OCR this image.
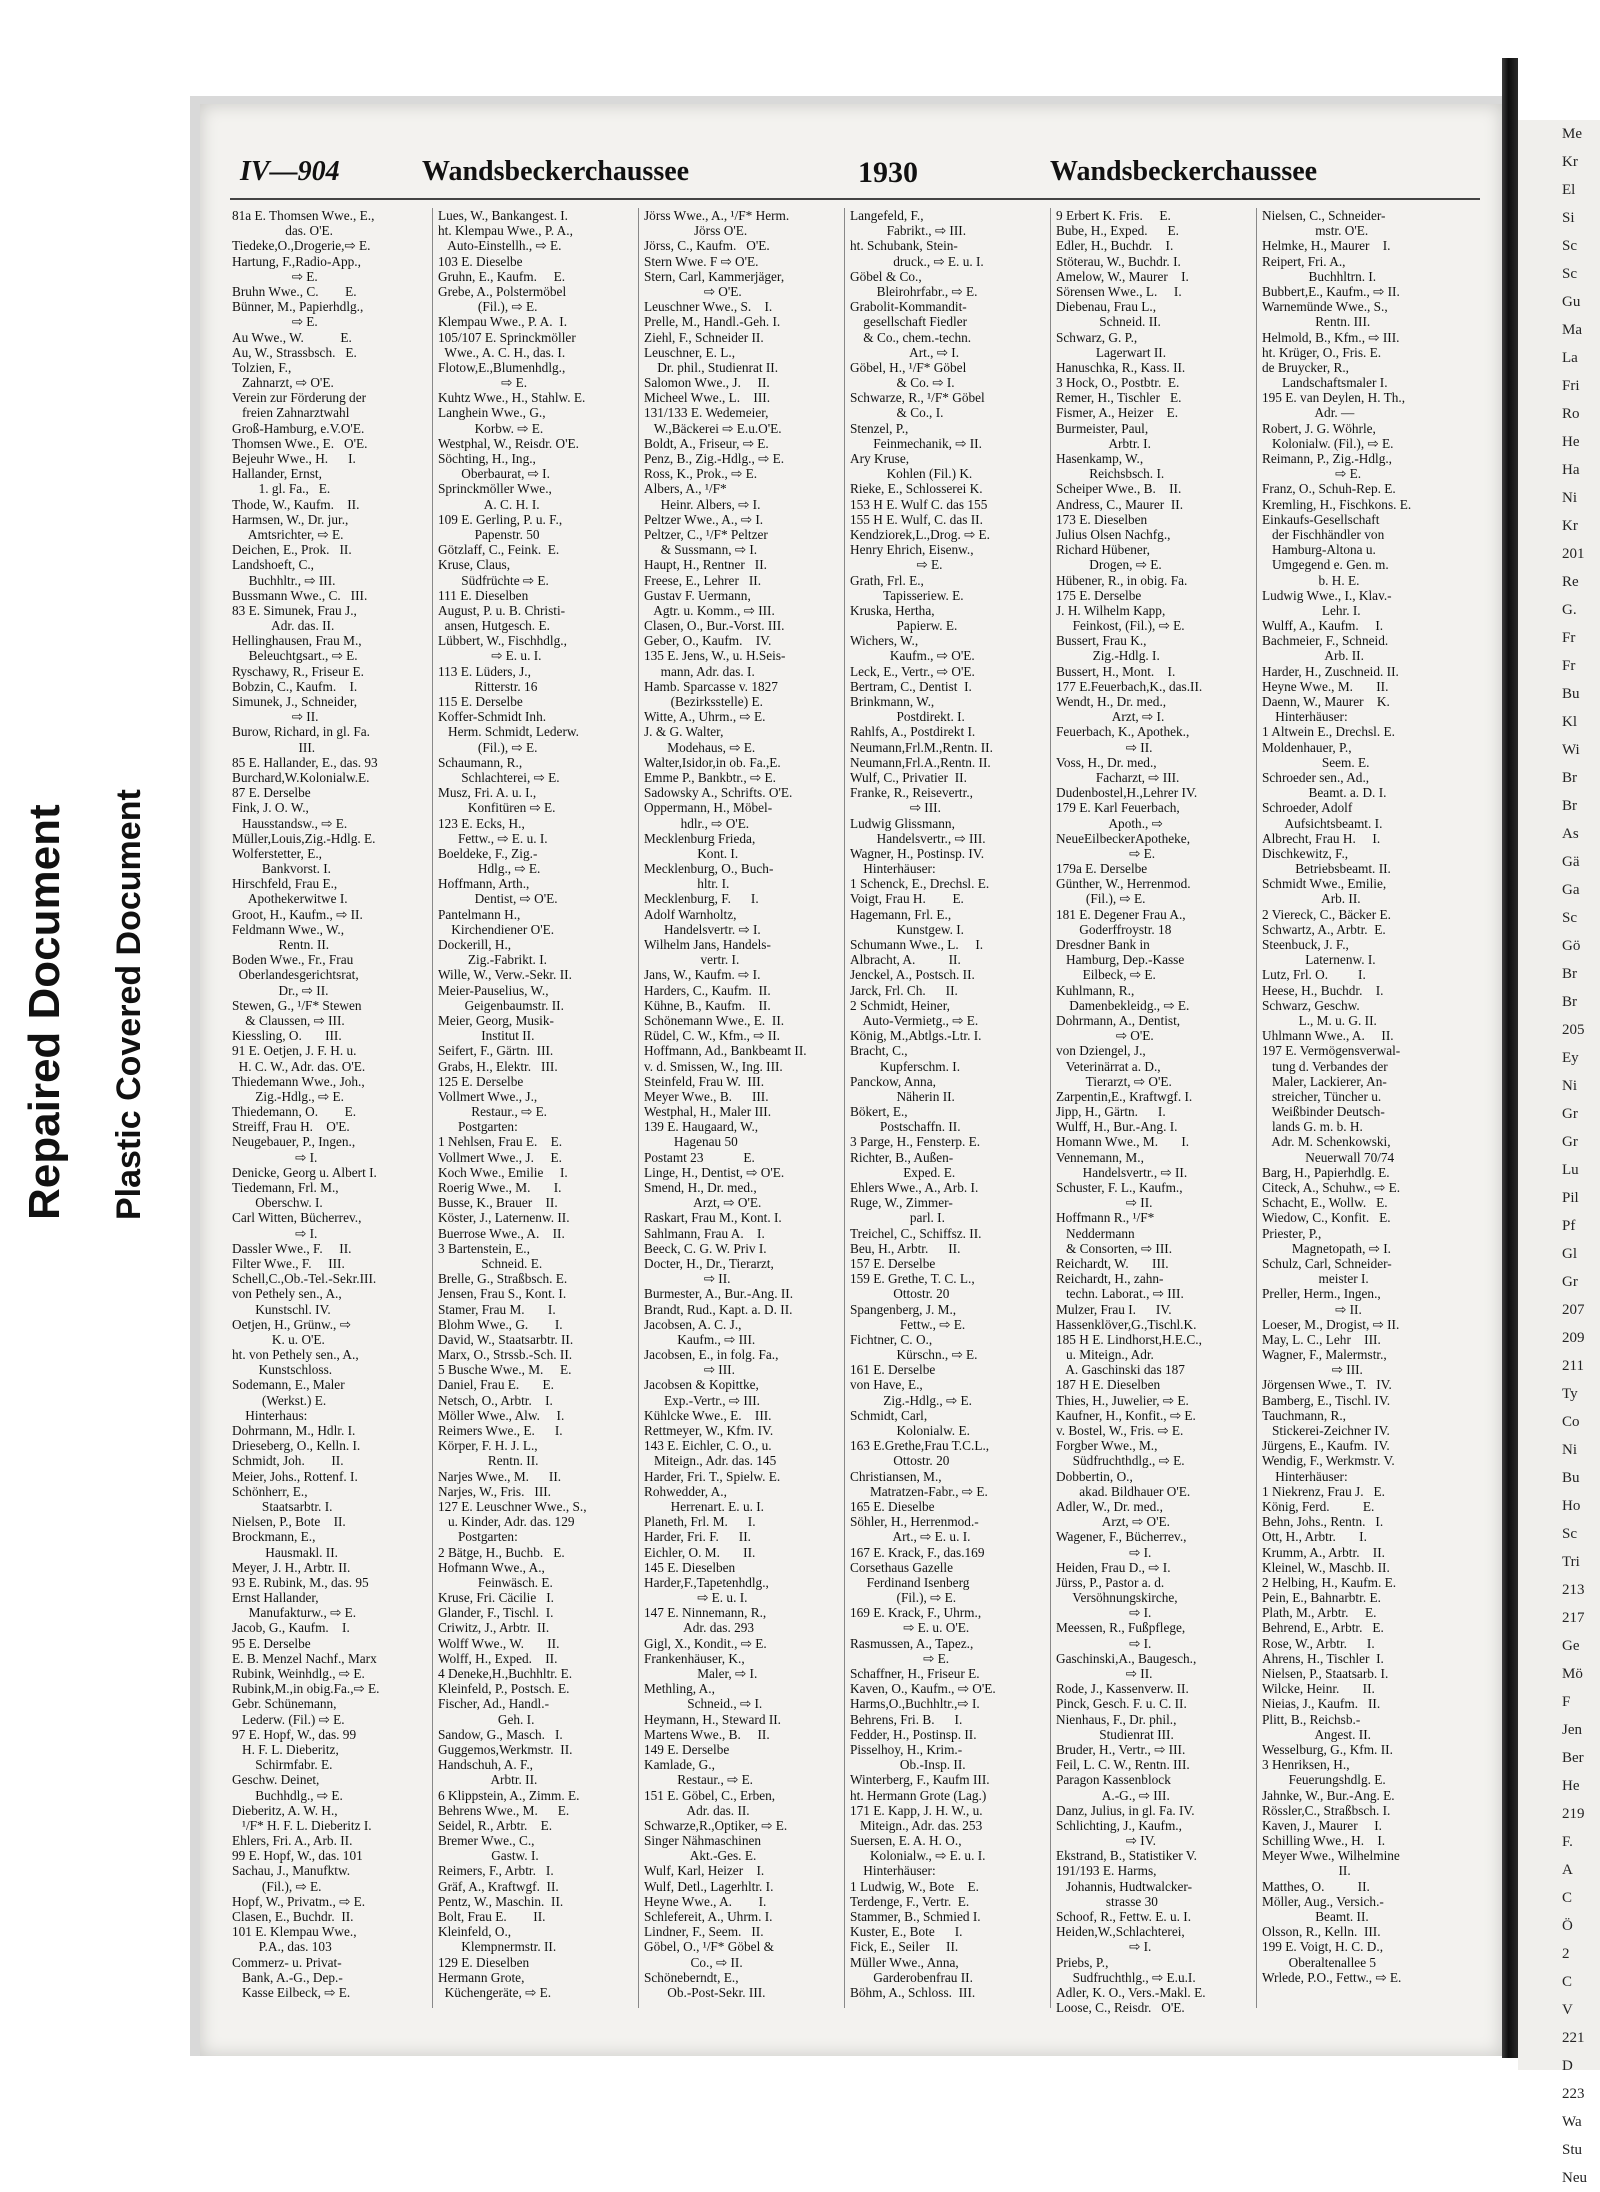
IV—904	Wandsbeckerchaussee	1930	Wandsbeckerchaussee
81a E. Thomsen Wwe., E.,
das. O'E.
Tiedeke,O.,Drogerie,⇨ E.
Hartung, F.,Radio-App.,
⇨ E.
Bruhn Wwe., C.        E.
Bünner, M., Papierhdlg.,
⇨ E.
Au Wwe., W.           E.
Au, W., Strassbsch.   E.
Tolzien, F.,
Zahnarzt, ⇨ O'E.
Verein zur Förderung der
freien Zahnarztwahl
Groß-Hamburg, e.V.O'E.
Thomsen Wwe., E.   O'E.
Bejeuhr Wwe., H.      I.
Hallander, Ernst,
1. gl. Fa.,   E.
Thode, W., Kaufm.    II.
Harmsen, W., Dr. jur.,
Amtsrichter, ⇨ E.
Deichen, E., Prok.   II.
Landshoeft, C.,
Buchhltr., ⇨ III.
Bussmann Wwe., C.   III.
83 E. Simunek, Frau J.,
Adr. das. II.
Hellinghausen, Frau M.,
Beleuchtgsart., ⇨ E.
Ryschawy, R., Friseur E.
Bobzin, C., Kaufm.    I.
Simunek, J., Schneider,
⇨ II.
Burow, Richard, in gl. Fa.
III.
85 E. Hallander, E., das. 93
Burchard,W.Kolonialw.E.
87 E. Derselbe
Fink, J. O. W.,
Hausstandsw., ⇨ E.
Müller,Louis,Zig.-Hdlg. E.
Wolferstetter, E.,
Bankvorst. I.
Hirschfeld, Frau E.,
Apothekerwitwe I.
Groot, H., Kaufm., ⇨ II.
Feldmann Wwe., W.,
Rentn. II.
Boden Wwe., Fr., Frau
Oberlandesgerichtsrat,
Dr., ⇨ II.
Stewen, G., ¹/F* Stewen
& Claussen, ⇨ III.
Kiessling, O.       III.
91 E. Oetjen, J. F. H. u.
H. C. W., Adr. das. O'E.
Thiedemann Wwe., Joh.,
Zig.-Hdlg., ⇨ E.
Thiedemann, O.        E.
Streiff, Frau H.    O'E.
Neugebauer, P., Ingen.,
⇨ I.
Denicke, Georg u. Albert I.
Tiedemann, Frl. M.,
Oberschw. I.
Carl Witten, Bücherrev.,
⇨ I.
Dassler Wwe., F.     II.
Filter Wwe., F.     III.
Schell,C.,Ob.-Tel.-Sekr.III.
von Pethely sen., A.,
Kunstschl. IV.
Oetjen, H., Grünw., ⇨
K. u. O'E.
ht. von Pethely sen., A.,
Kunstschloss.
Sodemann, E., Maler
(Werkst.) E.
Hinterhaus:
Dohrmann, M., Hdlr. I.
Drieseberg, O., Kelln. I.
Schmidt, Joh.        II.
Meier, Johs., Rottenf. I.
Schönherr, E.,
Staatsarbtr. I.
Nielsen, P., Bote    II.
Brockmann, E.,
Hausmakl. II.
Meyer, J. H., Arbtr. II.
93 E. Rubink, M., das. 95
Ernst Hallander,
Manufakturw., ⇨ E.
Jacob, G., Kaufm.    I.
95 E. Derselbe
E. B. Menzel Nachf., Marx
Rubink, Weinhdlg., ⇨ E.
Rubink,M.,in obig.Fa.,⇨ E.
Gebr. Schünemann,
Lederw. (Fil.) ⇨ E.
97 E. Hopf, W., das. 99
H. F. L. Dieberitz,
Schirmfabr. E.
Geschw. Deinet,
Buchhdlg., ⇨ E.
Dieberitz, A. W. H.,
¹/F* H. F. L. Dieberitz I.
Ehlers, Fri. A., Arb. II.
99 E. Hopf, W., das. 101
Sachau, J., Manufktw.
(Fil.), ⇨ E.
Hopf, W., Privatm., ⇨ E.
Clasen, E., Buchdr.  II.
101 E. Klempau Wwe.,
P.A., das. 103
Commerz- u. Privat-
Bank, A.-G., Dep.-
Kasse Eilbeck, ⇨ E.
Lues, W., Bankangest. I.
ht. Klempau Wwe., P. A.,
Auto-Einstellh., ⇨ E.
103 E. Dieselbe
Gruhn, E., Kaufm.     E.
Grebe, A., Polstermöbel
(Fil.), ⇨ E.
Klempau Wwe., P. A.  I.
105/107 E. Sprinckmöller
Wwe., A. C. H., das. I.
Flotow,E.,Blumenhdlg.,
⇨ E.
Kuhtz Wwe., H., Stahlw. E.
Langhein Wwe., G.,
Korbw. ⇨ E.
Westphal, W., Reisdr. O'E.
Söchting, H., Ing.,
Oberbaurat, ⇨ I.
Sprinckmöller Wwe.,
A. C. H. I.
109 E. Gerling, P. u. F.,
Papenstr. 50
Götzlaff, C., Feink.  E.
Kruse, Claus,
Südfrüchte ⇨ E.
111 E. Dieselben
August, P. u. B. Christi-
ansen, Hutgesch. E.
Lübbert, W., Fischhdlg.,
⇨ E. u. I.
113 E. Lüders, J.,
Ritterstr. 16
115 E. Derselbe
Koffer-Schmidt Inh.
Herm. Schmidt, Lederw.
(Fil.), ⇨ E.
Schaumann, R.,
Schlachterei, ⇨ E.
Musz, Fri. A. u. I.,
Konfitüren ⇨ E.
123 E. Ecks, H.,
Fettw., ⇨ E. u. I.
Boeldeke, F., Zig.-
Hdlg., ⇨ E.
Hoffmann, Arth.,
Dentist, ⇨ O'E.
Pantelmann H.,
Kirchendiener O'E.
Dockerill, H.,
Zig.-Fabrikt. I.
Wille, W., Verw.-Sekr. II.
Meier-Pauselius, W.,
Geigenbaumstr. II.
Meier, Georg, Musik-
Institut II.
Seifert, F., Gärtn.  III.
Grabs, H., Elektr.   III.
125 E. Derselbe
Vollmert Wwe., J.,
Restaur., ⇨ E.
Postgarten:
1 Nehlsen, Frau E.    E.
Vollmert Wwe., J.     E.
Koch Wwe., Emilie     I.
Roerig Wwe., M.       I.
Busse, K., Brauer    II.
Köster, J., Laternenw. II.
Buerrose Wwe., A.    II.
3 Bartenstein, E.,
Schneid. E.
Brelle, G., Straßbsch. E.
Jensen, Frau S., Kont. I.
Stamer, Frau M.       I.
Blohm Wwe., G.        I.
David, W., Staatsarbtr. II.
Marx, O., Strssb.-Sch. II.
5 Busche Wwe., M.     E.
Daniel, Frau E.       E.
Netsch, O., Arbtr.    I.
Möller Wwe., Alw.     I.
Reimers Wwe., E.      I.
Körper, F. H. J. L.,
Rentn. II.
Narjes Wwe., M.      II.
Narjes, W., Fris.   III.
127 E. Leuschner Wwe., S.,
u. Kinder, Adr. das. 129
Postgarten:
2 Bätge, H., Buchb.   E.
Hofmann Wwe., A.,
Feinwäsch. E.
Kruse, Fri. Cäcilie   I.
Glander, F., Tischl.  I.
Criwitz, J., Arbtr.  II.
Wolff Wwe., W.       II.
Wolff, H., Exped.    II.
4 Deneke,H.,Buchhltr. E.
Kleinfeld, P., Postsch. E.
Fischer, Ad., Handl.-
Geh. I.
Sandow, G., Masch.   I.
Guggemos,Werkmstr.  II.
Handschuh, A. F.,
Arbtr. II.
6 Klippstein, A., Zimm. E.
Behrens Wwe., M.      E.
Seidel, R., Arbtr.    E.
Bremer Wwe., C.,
Gastw. I.
Reimers, F., Arbtr.   I.
Gräf, A., Kraftwgf.  II.
Pentz, W., Maschin.  II.
Bolt, Frau E.        II.
Kleinfeld, O.,
Klempnermstr. II.
129 E. Dieselben
Hermann Grote,
Küchengeräte, ⇨ E.
Jörss Wwe., A., ¹/F* Herm.
Jörss O'E.
Jörss, C., Kaufm.   O'E.
Stern Wwe. F ⇨ O'E.
Stern, Carl, Kammerjäger,
⇨ O'E.
Leuschner Wwe., S.    I.
Prelle, M., Handl.-Geh. I.
Ziehl, F., Schneider II.
Leuschner, E. L.,
Dr. phil., Studienrat II.
Salomon Wwe., J.     II.
Micheel Wwe., L.    III.
131/133 E. Wedemeier,
W.,Bäckerei ⇨ E.u.O'E.
Boldt, A., Friseur, ⇨ E.
Penz, B., Zig.-Hdlg., ⇨ E.
Ross, K., Prok., ⇨ E.
Albers, A., ¹/F*
Heinr. Albers, ⇨ I.
Peltzer Wwe., A., ⇨ I.
Peltzer, C., ¹/F* Peltzer
& Sussmann, ⇨ I.
Haupt, H., Rentner   II.
Freese, E., Lehrer   II.
Gustav F. Uermann,
Agtr. u. Komm., ⇨ III.
Clasen, O., Bur.-Vorst. III.
Geber, O., Kaufm.    IV.
135 E. Jens, W., u. H.Seis-
mann, Adr. das. I.
Hamb. Sparcasse v. 1827
(Bezirksstelle) E.
Witte, A., Uhrm., ⇨ E.
J. & G. Walter,
Modehaus, ⇨ E.
Walter,Isidor,in ob. Fa.,E.
Emme P., Bankbtr., ⇨ E.
Sadowsky A., Schrifts. O'E.
Oppermann, H., Möbel-
hdlr., ⇨ O'E.
Mecklenburg Frieda,
Kont. I.
Mecklenburg, O., Buch-
hltr. I.
Mecklenburg, F.      I.
Adolf Warnholtz,
Handelsvertr. ⇨ I.
Wilhelm Jans, Handels-
vertr. I.
Jans, W., Kaufm. ⇨ I.
Harders, C., Kaufm.  II.
Kühne, B., Kaufm.    II.
Schönemann Wwe., E.  II.
Rüdel, C. W., Kfm., ⇨ II.
Hoffmann, Ad., Bankbeamt II.
v. d. Smissen, W., Ing. III.
Steinfeld, Frau W.  III.
Meyer Wwe., B.      III.
Westphal, H., Maler III.
139 E. Haugaard, W.,
Hagenau 50
Postamt 23            E.
Linge, H., Dentist, ⇨ O'E.
Smend, H., Dr. med.,
Arzt, ⇨ O'E.
Raskart, Frau M., Kont. I.
Sahlmann, Frau A.    I.
Beeck, C. G. W. Priv I.
Docter, H., Dr., Tierarzt,
⇨ II.
Burmester, A., Bur.-Ang. II.
Brandt, Rud., Kapt. a. D. II.
Jacobsen, A. C. J.,
Kaufm., ⇨ III.
Jacobsen, E., in folg. Fa.,
⇨ III.
Jacobsen & Kopittke,
Exp.-Vertr., ⇨ III.
Kühlcke Wwe., E.    III.
Rettmeyer, W., Kfm. IV.
143 E. Eichler, C. O., u.
Miteign., Adr. das. 145
Harder, Fri. T., Spielw. E.
Rohwedder, A.,
Herrenart. E. u. I.
Planeth, Frl. M.      I.
Harder, Fri. F.      II.
Eichler, O. M.       II.
145 E. Dieselben
Harder,F.,Tapetenhdlg.,
⇨ E. u. I.
147 E. Ninnemann, R.,
Adr. das. 293
Gigl, X., Kondit., ⇨ E.
Frankenhäuser, K.,
Maler, ⇨ I.
Methling, A.,
Schneid., ⇨ I.
Heymann, H., Steward II.
Martens Wwe., B.     II.
149 E. Derselbe
Kamlade, G.,
Restaur., ⇨ E.
151 E. Göbel, C., Erben,
Adr. das. II.
Schwarze,R.,Optiker, ⇨ E.
Singer Nähmaschinen
Akt.-Ges. E.
Wulf, Karl, Heizer    I.
Wulf, Detl., Lagerhltr. I.
Heyne Wwe., A.        I.
Schlefereit, A., Uhrm. I.
Lindner, F., Seem.   II.
Göbel, O., ¹/F* Göbel &
Co., ⇨ II.
Schöneberndt, E.,
Ob.-Post-Sekr. III.
Langefeld, F.,
Fabrikt., ⇨ III.
ht. Schubank, Stein-
druck., ⇨ E. u. I.
Göbel & Co.,
Bleirohrfabr., ⇨ E.
Grabolit-Kommandit-
gesellschaft Fiedler
& Co., chem.-techn.
Art., ⇨ I.
Göbel, H., ¹/F* Göbel
& Co. ⇨ I.
Schwarze, R., ¹/F* Göbel
& Co., I.
Stenzel, P.,
Feinmechanik, ⇨ II.
Ary Kruse,
Kohlen (Fil.) K.
Rieke, E., Schlosserei K.
153 H E. Wulf C. das 155
155 H E. Wulf, C. das II.
Kendziorek,L.,Drog. ⇨ E.
Henry Ehrich, Eisenw.,
⇨ E.
Grath, Frl. E.,
Tapisseriew. E.
Kruska, Hertha,
Papierw. E.
Wichers, W.,
Kaufm., ⇨ O'E.
Leck, E., Vertr., ⇨ O'E.
Bertram, C., Dentist  I.
Brinkmann, W.,
Postdirekt. I.
Rahlfs, A., Postdirekt I.
Neumann,Frl.M.,Rentn. II.
Neumann,Frl.A.,Rentn. II.
Wulf, C., Privatier  II.
Franke, R., Reisevertr.,
⇨ III.
Ludwig Glissmann,
Handelsvertr., ⇨ III.
Wagner, H., Postinsp. IV.
Hinterhäuser:
1 Schenck, E., Drechsl. E.
Voigt, Frau H.        E.
Hagemann, Frl. E.,
Kunstgew. I.
Schumann Wwe., L.     I.
Albracht, A.          II.
Jenckel, A., Postsch. II.
Jarck, Frl. Ch.      II.
2 Schmidt, Heiner,
Auto-Vermietg., ⇨ E.
König, M.,Abtlgs.-Ltr. I.
Bracht, C.,
Kupferschm. I.
Panckow, Anna,
Näherin II.
Bökert, E.,
Postschaffn. II.
3 Parge, H., Fensterp. E.
Richter, B., Außen-
Exped. E.
Ehlers Wwe., A., Arb. I.
Ruge, W., Zimmer-
parl. I.
Treichel, C., Schiffsz. II.
Beu, H., Arbtr.      II.
157 E. Derselbe
159 E. Grethe, T. C. L.,
Ottostr. 20
Spangenberg, J. M.,
Fettw., ⇨ E.
Fichtner, C. O.,
Kürschn., ⇨ E.
161 E. Derselbe
von Have, E.,
Zig.-Hdlg., ⇨ E.
Schmidt, Carl,
Kolonialw. E.
163 E.Grethe,Frau T.C.L.,
Ottostr. 20
Christiansen, M.,
Matratzen-Fabr., ⇨ E.
165 E. Dieselbe
Söhler, H., Herrenmod.-
Art., ⇨ E. u. I.
167 E. Krack, F., das.169
Corsethaus Gazelle
Ferdinand Isenberg
(Fil.), ⇨ E.
169 E. Krack, F., Uhrm.,
⇨ E. u. O'E.
Rasmussen, A., Tapez.,
⇨ E.
Schaffner, H., Friseur E.
Kaven, O., Kaufm., ⇨ O'E.
Harms,O.,Buchhltr.,⇨ I.
Behrens, Fri. B.      I.
Fedder, H., Postinsp. II.
Pisselhoy, H., Krim.-
Ob.-Insp. II.
Winterberg, F., Kaufm III.
ht. Hermann Grote (Lag.)
171 E. Kapp, J. H. W., u.
Miteign., Adr. das. 253
Suersen, E. A. H. O.,
Kolonialw., ⇨ E. u. I.
Hinterhäuser:
1 Ludwig, W., Bote    E.
Terdenge, F., Vertr.  E.
Stammer, B., Schmied I.
Kuster, E., Bote      I.
Fick, E., Seiler     II.
Müller Wwe., Anna,
Garderobenfrau II.
Böhm, A., Schloss.  III.
9 Erbert K. Fris.     E.
Bube, H., Exped.      E.
Edler, H., Buchdr.    I.
Stöterau, W., Buchdr. I.
Amelow, W., Maurer    I.
Sörensen Wwe., L.     I.
Diebenau, Frau L.,
Schneid. II.
Schwarz, G. P.,
Lagerwart II.
Hanuschka, R., Kass. II.
3 Hock, O., Postbtr.  E.
Remer, H., Tischler   E.
Fismer, A., Heizer    E.
Burmeister, Paul,
Arbtr. I.
Hasenkamp, W.,
Reichsbsch. I.
Scheiper Wwe., B.    II.
Andress, C., Maurer  II.
173 E. Dieselben
Julius Olsen Nachfg.,
Richard Hübener,
Drogen, ⇨ E.
Hübener, R., in obig. Fa.
175 E. Derselbe
J. H. Wilhelm Kapp,
Feinkost, (Fil.), ⇨ E.
Bussert, Frau K.,
Zig.-Hdlg. I.
Bussert, H., Mont.    I.
177 E.Feuerbach,K., das.II.
Wendt, H., Dr. med.,
Arzt, ⇨ I.
Feuerbach, K., Apothek.,
⇨ II.
Voss, H., Dr. med.,
Facharzt, ⇨ III.
Dudenbostel,H.,Lehrer IV.
179 E. Karl Feuerbach,
Apoth., ⇨
NeueEilbeckerApotheke,
⇨ E.
179a E. Derselbe
Günther, W., Herrenmod.
(Fil.), ⇨ E.
181 E. Degener Frau A.,
Goderffroystr. 18
Dresdner Bank in
Hamburg, Dep.-Kasse
Eilbeck, ⇨ E.
Kuhlmann, R.,
Damenbekleidg., ⇨ E.
Dohrmann, A., Dentist,
⇨ O'E.
von Dziengel, J.,
Veterinärrat a. D.,
Tierarzt, ⇨ O'E.
Zarpentin,E., Kraftwgf. I.
Jipp, H., Gärtn.      I.
Wulff, H., Bur.-Ang. I.
Homann Wwe., M.       I.
Vennemann, M.,
Handelsvertr., ⇨ II.
Schuster, F. L., Kaufm.,
⇨ II.
Hoffmann R., ¹/F*
Neddermann
& Consorten, ⇨ III.
Reichardt, W.       III.
Reichardt, H., zahn-
techn. Laborat., ⇨ III.
Mulzer, Frau I.      IV.
Hassenklöver,G.,Tischl.K.
185 H E. Lindhorst,H.E.C.,
u. Miteign., Adr.
A. Gaschinski das 187
187 H E. Dieselben
Thies, H., Juwelier, ⇨ E.
Kaufner, H., Konfit., ⇨ E.
v. Bostel, W., Fris. ⇨ E.
Forgber Wwe., M.,
Südfruchthdlg., ⇨ E.
Dobbertin, O.,
akad. Bildhauer O'E.
Adler, W., Dr. med.,
Arzt, ⇨ O'E.
Wagener, F., Bücherrev.,
⇨ I.
Heiden, Frau D., ⇨ I.
Jürss, P., Pastor a. d.
Versöhnungskirche,
⇨ I.
Meessen, R., Fußpflege,
⇨ I.
Gaschinski,A., Baugesch.,
⇨ II.
Rode, J., Kassenverw. II.
Pinck, Gesch. F. u. C. II.
Nienhaus, F., Dr. phil.,
Studienrat III.
Bruder, H., Vertr., ⇨ III.
Feil, L. C. W., Rentn. III.
Paragon Kassenblock
A.-G., ⇨ III.
Danz, Julius, in gl. Fa. IV.
Schlichting, J., Kaufm.,
⇨ IV.
Ekstrand, B., Statistiker V.
191/193 E. Harms,
Johannis, Hudtwalcker-
strasse 30
Schoof, R., Fettw. E. u. I.
Heiden,W.,Schlachterei,
⇨ I.
Priebs, P.,
Sudfruchthlg., ⇨ E.u.I.
Adler, K. O., Vers.-Makl. E.
Loose, C., Reisdr.   O'E.
Nielsen, C., Schneider-
mstr. O'E.
Helmke, H., Maurer    I.
Reipert, Fri. A.,
Buchhltrn. I.
Bubbert,E., Kaufm., ⇨ II.
Warnemünde Wwe., S.,
Rentn. III.
Helmold, B., Kfm., ⇨ III.
ht. Krüger, O., Fris. E.
de Bruycker, R.,
Landschaftsmaler I.
195 E. van Deylen, H. Th.,
Adr. —
Robert, J. G. Wöhrle,
Kolonialw. (Fil.), ⇨ E.
Reimann, P., Zig.-Hdlg.,
⇨ E.
Franz, O., Schuh-Rep. E.
Kremling, H., Fischkons. E.
Einkaufs-Gesellschaft
der Fischhändler von
Hamburg-Altona u.
Umgegend e. Gen. m.
b. H. E.
Ludwig Wwe., I., Klav.-
Lehr. I.
Wulff, A., Kaufm.     I.
Bachmeier, F., Schneid.
Arb. II.
Harder, H., Zuschneid. II.
Heyne Wwe., M.       II.
Daenn, W., Maurer    K.
Hinterhäuser:
1 Altwein E., Drechsl. E.
Moldenhauer, P.,
Seem. E.
Schroeder sen., Ad.,
Beamt. a. D. I.
Schroeder, Adolf
Aufsichtsbeamt. I.
Albrecht, Frau H.     I.
Dischkewitz, F.,
Betriebsbeamt. II.
Schmidt Wwe., Emilie,
Arb. II.
2 Viereck, C., Bäcker E.
Schwartz, A., Arbtr.  E.
Steenbuck, J. F.,
Laternenw. I.
Lutz, Frl. O.         I.
Heese, H., Buchdr.    I.
Schwarz, Geschw.
L., M. u. G. II.
Uhlmann Wwe., A.     II.
197 E. Vermögensverwal-
tung d. Verbandes der
Maler, Lackierer, An-
streicher, Tüncher u.
Weißbinder Deutsch-
lands G. m. b. H.
Adr. M. Schenkowski,
Neuerwall 70/74
Barg, H., Papierhdlg. E.
Citeck, A., Schuhw., ⇨ E.
Schacht, E., Wollw.   E.
Wiedow, C., Konfit.   E.
Priester, P.,
Magnetopath, ⇨ I.
Schulz, Carl, Schneider-
meister I.
Preller, Herm., Ingen.,
⇨ II.
Loeser, M., Drogist, ⇨ II.
May, L. C., Lehr    III.
Wagner, F., Malermstr.,
⇨ III.
Jörgensen Wwe., T.   IV.
Bamberg, E., Tischl. IV.
Tauchmann, R.,
Stickerei-Zeichner IV.
Jürgens, E., Kaufm.  IV.
Wendig, F., Werkmstr. V.
Hinterhäuser:
1 Niekrenz, Frau J.   E.
König, Ferd.          E.
Behn, Johs., Rentn.   I.
Ott, H., Arbtr.       I.
Krumm, A., Arbtr.    II.
Kleinel, W., Maschb. II.
2 Helbing, H., Kaufm. E.
Pein, E., Bahnarbtr. E.
Plath, M., Arbtr.     E.
Behrend, E., Arbtr.   E.
Rose, W., Arbtr.      I.
Ahrens, H., Tischler  I.
Nielsen, P., Staatsarb. I.
Wilcke, Heinr.       II.
Nieias, J., Kaufm.   II.
Plitt, B., Reichsb.-
Angest. II.
Wesselburg, G., Kfm. II.
3 Henriksen, H.,
Feuerungshdlg. E.
Jahnke, W., Bur.-Ang. E.
Rössler,C., Straßbsch. I.
Kaven, J., Maurer     I.
Schilling Wwe., H.    I.
Meyer Wwe., Wilhelmine
II.
Matthes, O.          II.
Möller, Aug., Versich.-
Beamt. II.
Olsson, R., Kelln.  III.
199 E. Voigt, H. C. D.,
Oberaltenallee 5
Wrlede, P.O., Fettw., ⇨ E.
Me
Kr
El
Si
Sc
Sc
Gu
Ma
La
Fri
Ro
He
Ha
Ni
Kr
201
Re
G.
Fr
Fr
Bu
Kl
Wi
Br
Br
As
Gä
Ga
Sc
Gö
Br
Br
205
Ey
Ni
Gr
Gr
Lu
Pil
Pf
Gl
Gr
207
209
211
Ty
Co
Ni
Bu
Ho
Sc
Tri
213
217
Ge
Mö
F
Jen
Ber
He
219
F.
A
C
Ö
2
C
V
221
D
223
Wa
Stu
Neu
Repaired Document	Plastic Covered Document
